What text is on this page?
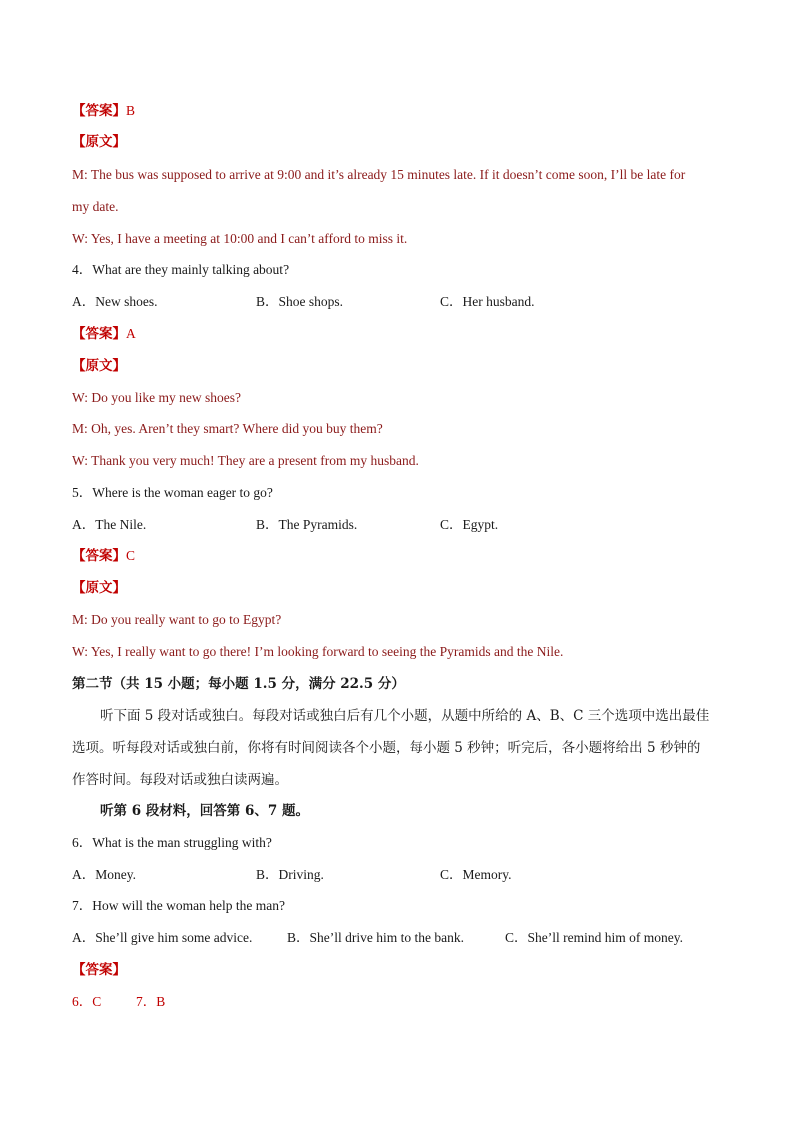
【答案】B
【原文】
M: The bus was supposed to arrive at 9:00 and it’s already 15 minutes late. If it doesn’t come soon, I’ll be late for
my date.
W: Yes, I have a meeting at 10:00 and I can’t afford to miss it.
4．What are they mainly talking about?
A．New shoes.	B．Shoe shops.	C．Her husband.
【答案】A
【原文】
W: Do you like my new shoes?
M: Oh, yes. Aren’t they smart? Where did you buy them?
W: Thank you very much! They are a present from my husband.
5．Where is the woman eager to go?
A．The Nile.	B．The Pyramids.	C．Egypt.
【答案】C
【原文】
M: Do you really want to go to Egypt?
W: Yes, I really want to go there! I’m looking forward to seeing the Pyramids and the Nile.
第二节（共 15 小题；每小题 1.5 分，满分 22.5 分）
听下面 5 段对话或独白。每段对话或独白后有几个小题，从题中所给的 A、B、C 三个选项中选出最佳
选项。听每段对话或独白前，你将有时间阅读各个小题，每小题 5 秒钟；听完后，各小题将给出 5 秒钟的
作答时间。每段对话或独白读两遍。
听第 6 段材料，回答第 6、7 题。
6．What is the man struggling with?
A．Money.	B．Driving.	C．Memory.
7．How will the woman help the man?
A．She’ll give him some advice.	B．She’ll drive him to the bank.	C．She’ll remind him of money.
【答案】
6．C	7．B
